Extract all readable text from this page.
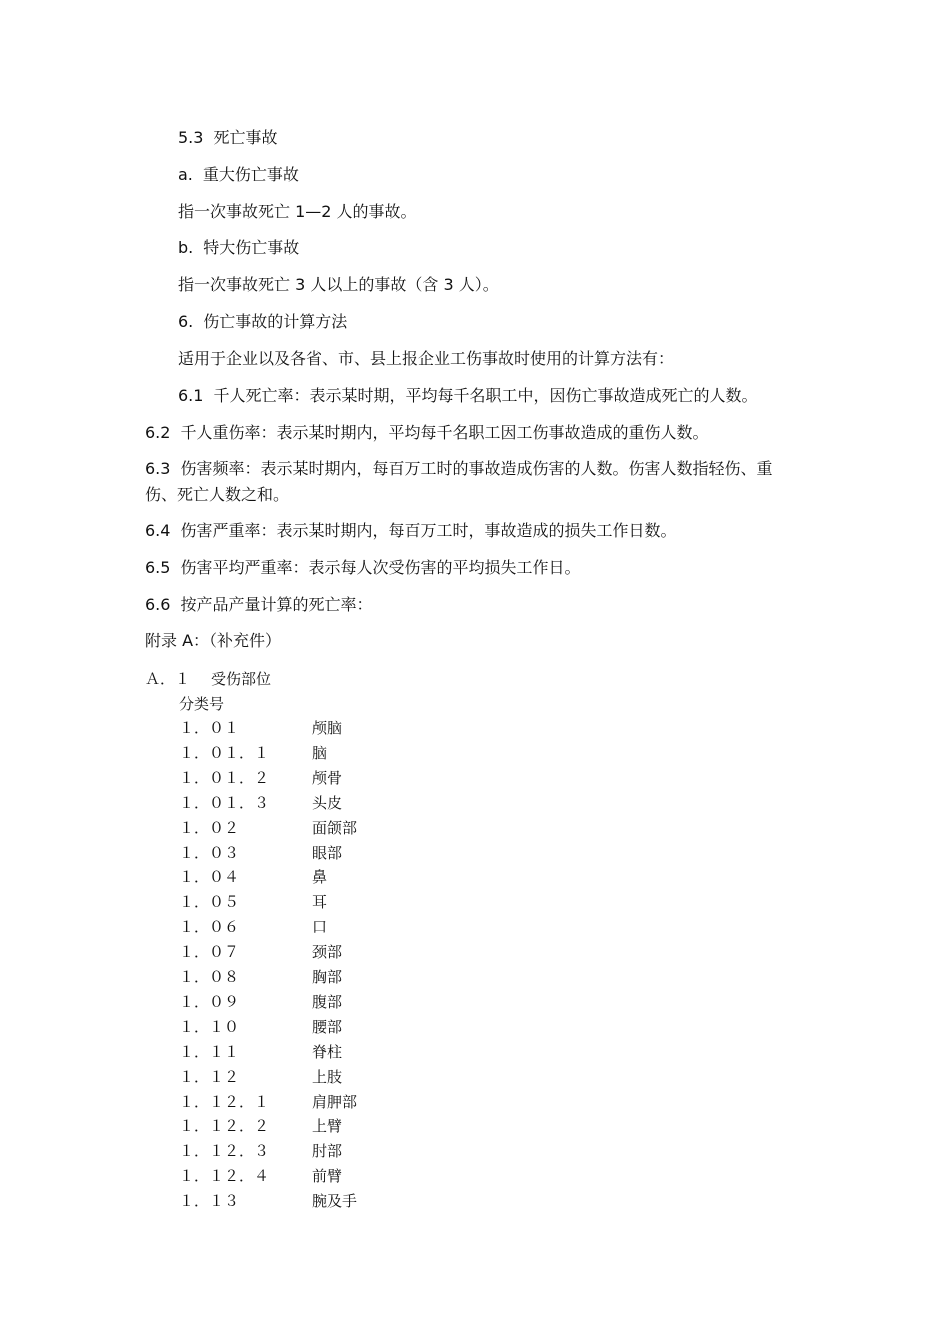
5.3 死亡事故
a. 重大伤亡事故
指一次事故死亡 1—2 人的事故。
b. 特大伤亡事故
指一次事故死亡 3 人以上的事故（含 3 人）。
6. 伤亡事故的计算方法
适用于企业以及各省、市、县上报企业工伤事故时使用的计算方法有：
6.1 千人死亡率：表示某时期，平均每千名职工中，因伤亡事故造成死亡的人数。
6.2 千人重伤率：表示某时期内，平均每千名职工因工伤事故造成的重伤人数。
6.3 伤害频率：表示某时期内，每百万工时的事故造成伤害的人数。伤害人数指轻伤、重伤、死亡人数之和。
6.4 伤害严重率：表示某时期内，每百万工时，事故造成的损失工作日数。
6.5 伤害平均严重率：表示每人次受伤害的平均损失工作日。
6.6 按产品产量计算的死亡率：
附录 A：（补充件）
Ａ．１ 受伤部位
分类号
１．０１	颅脑
１．０１．１	脑
１．０１．２	颅骨
１．０１．３	头皮
１．０２	面颌部
１．０３	眼部
１．０４	鼻
１．０５	耳
１．０６	口
１．０７	颈部
１．０８	胸部
１．０９	腹部
１．１０	腰部
１．１１	脊柱
１．１２	上肢
１．１２．１	肩胛部
１．１２．２	上臂
１．１２．３	肘部
１．１２．４	前臂
１．１３	腕及手
